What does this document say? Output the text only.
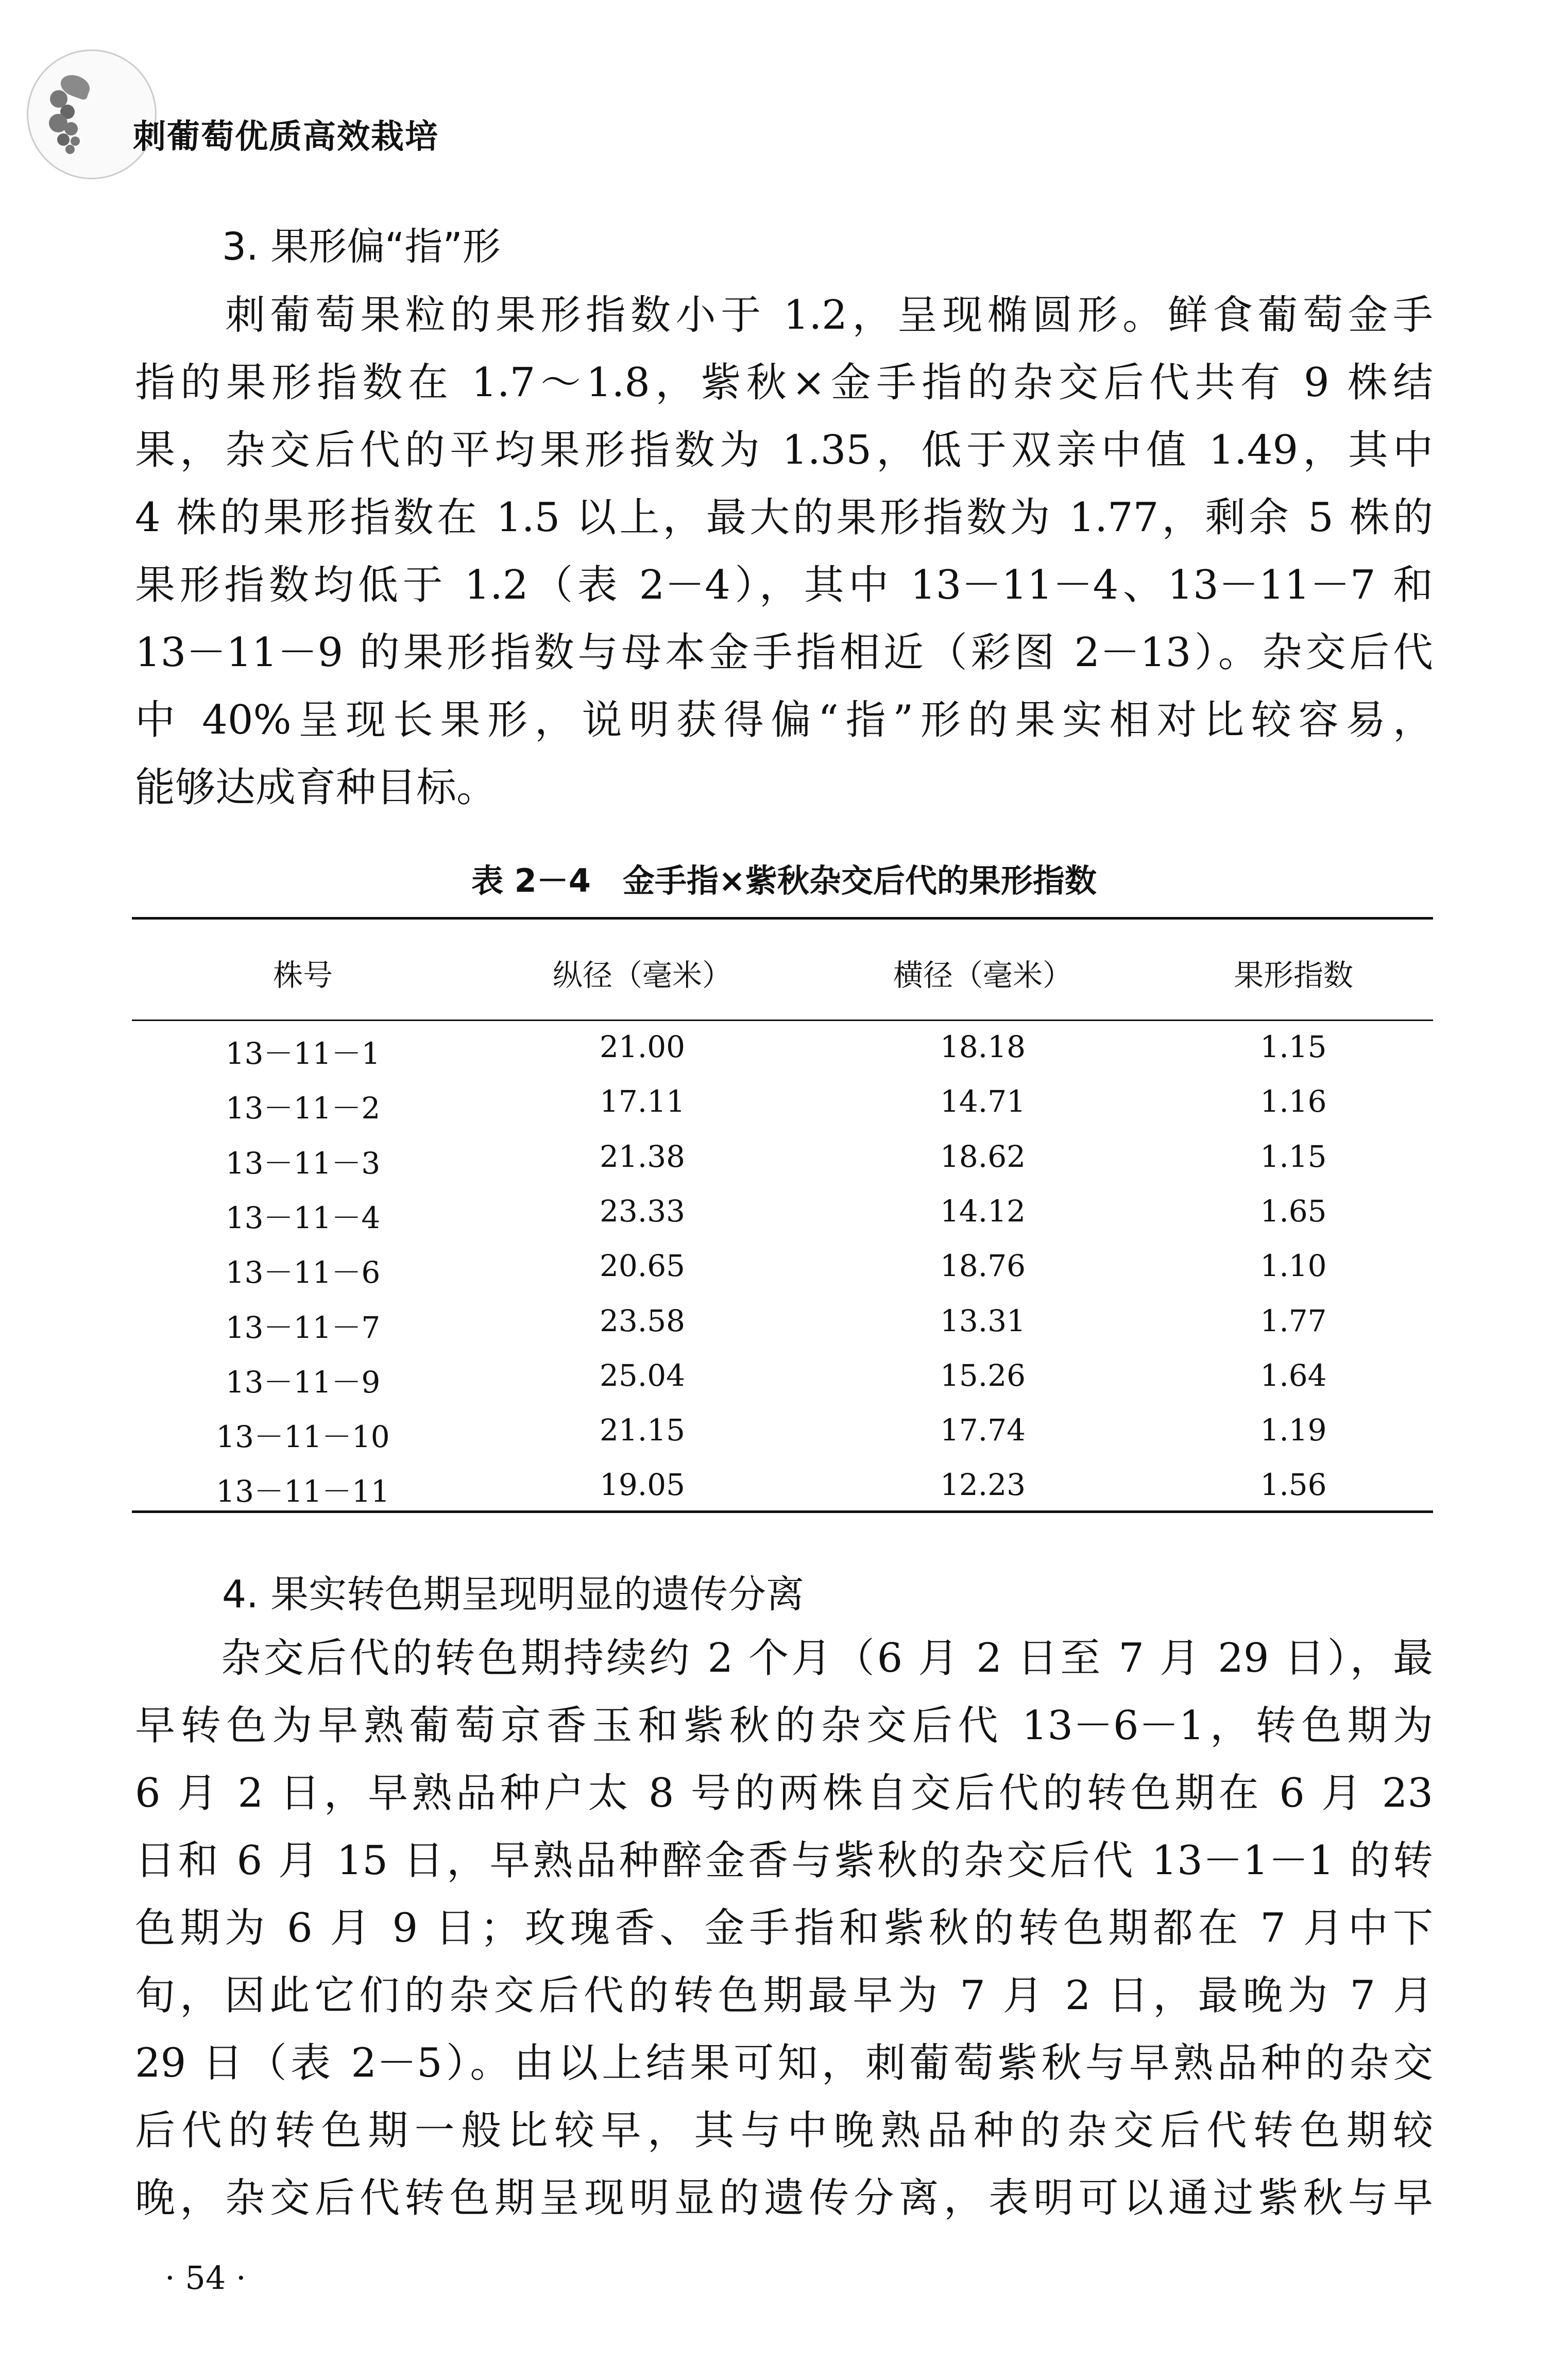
刺葡萄优质高效栽培
3. 果形偏“指”形
　　刺葡萄果粒的果形指数小于 1.2，呈现椭圆形。鲜食葡萄金手
指的果形指数在 1.7～1.8，紫秋×金手指的杂交后代共有 9 株结
果，杂交后代的平均果形指数为 1.35，低于双亲中值 1.49，其中
4 株的果形指数在 1.5 以上，最大的果形指数为 1.77，剩余 5 株的
果形指数均低于 1.2（表 2－4），其中 13－11－4、13－11－7 和
13－11－9 的果形指数与母本金手指相近（彩图 2－13）。杂交后代
中 40%呈现长果形，说明获得偏“指”形的果实相对比较容易，
能够达成育种目标。
表 2－4　金手指×紫秋杂交后代的果形指数
株号	纵径（毫米）	横径（毫米）	果形指数
13－11－1	21.00	18.18	1.15
13－11－2	17.11	14.71	1.16
13－11－3	21.38	18.62	1.15
13－11－4	23.33	14.12	1.65
13－11－6	20.65	18.76	1.10
13－11－7	23.58	13.31	1.77
13－11－9	25.04	15.26	1.64
13－11－10	21.15	17.74	1.19
13－11－11	19.05	12.23	1.56
4. 果实转色期呈现明显的遗传分离
　　杂交后代的转色期持续约 2 个月（6 月 2 日至 7 月 29 日），最
早转色为早熟葡萄京香玉和紫秋的杂交后代 13－6－1，转色期为
6 月 2 日，早熟品种户太 8 号的两株自交后代的转色期在 6 月 23
日和 6 月 15 日，早熟品种醉金香与紫秋的杂交后代 13－1－1 的转
色期为 6 月 9 日；玫瑰香、金手指和紫秋的转色期都在 7 月中下
旬，因此它们的杂交后代的转色期最早为 7 月 2 日，最晚为 7 月
29 日（表 2－5）。由以上结果可知，刺葡萄紫秋与早熟品种的杂交
后代的转色期一般比较早，其与中晚熟品种的杂交后代转色期较
晚，杂交后代转色期呈现明显的遗传分离，表明可以通过紫秋与早
· 54 ·
